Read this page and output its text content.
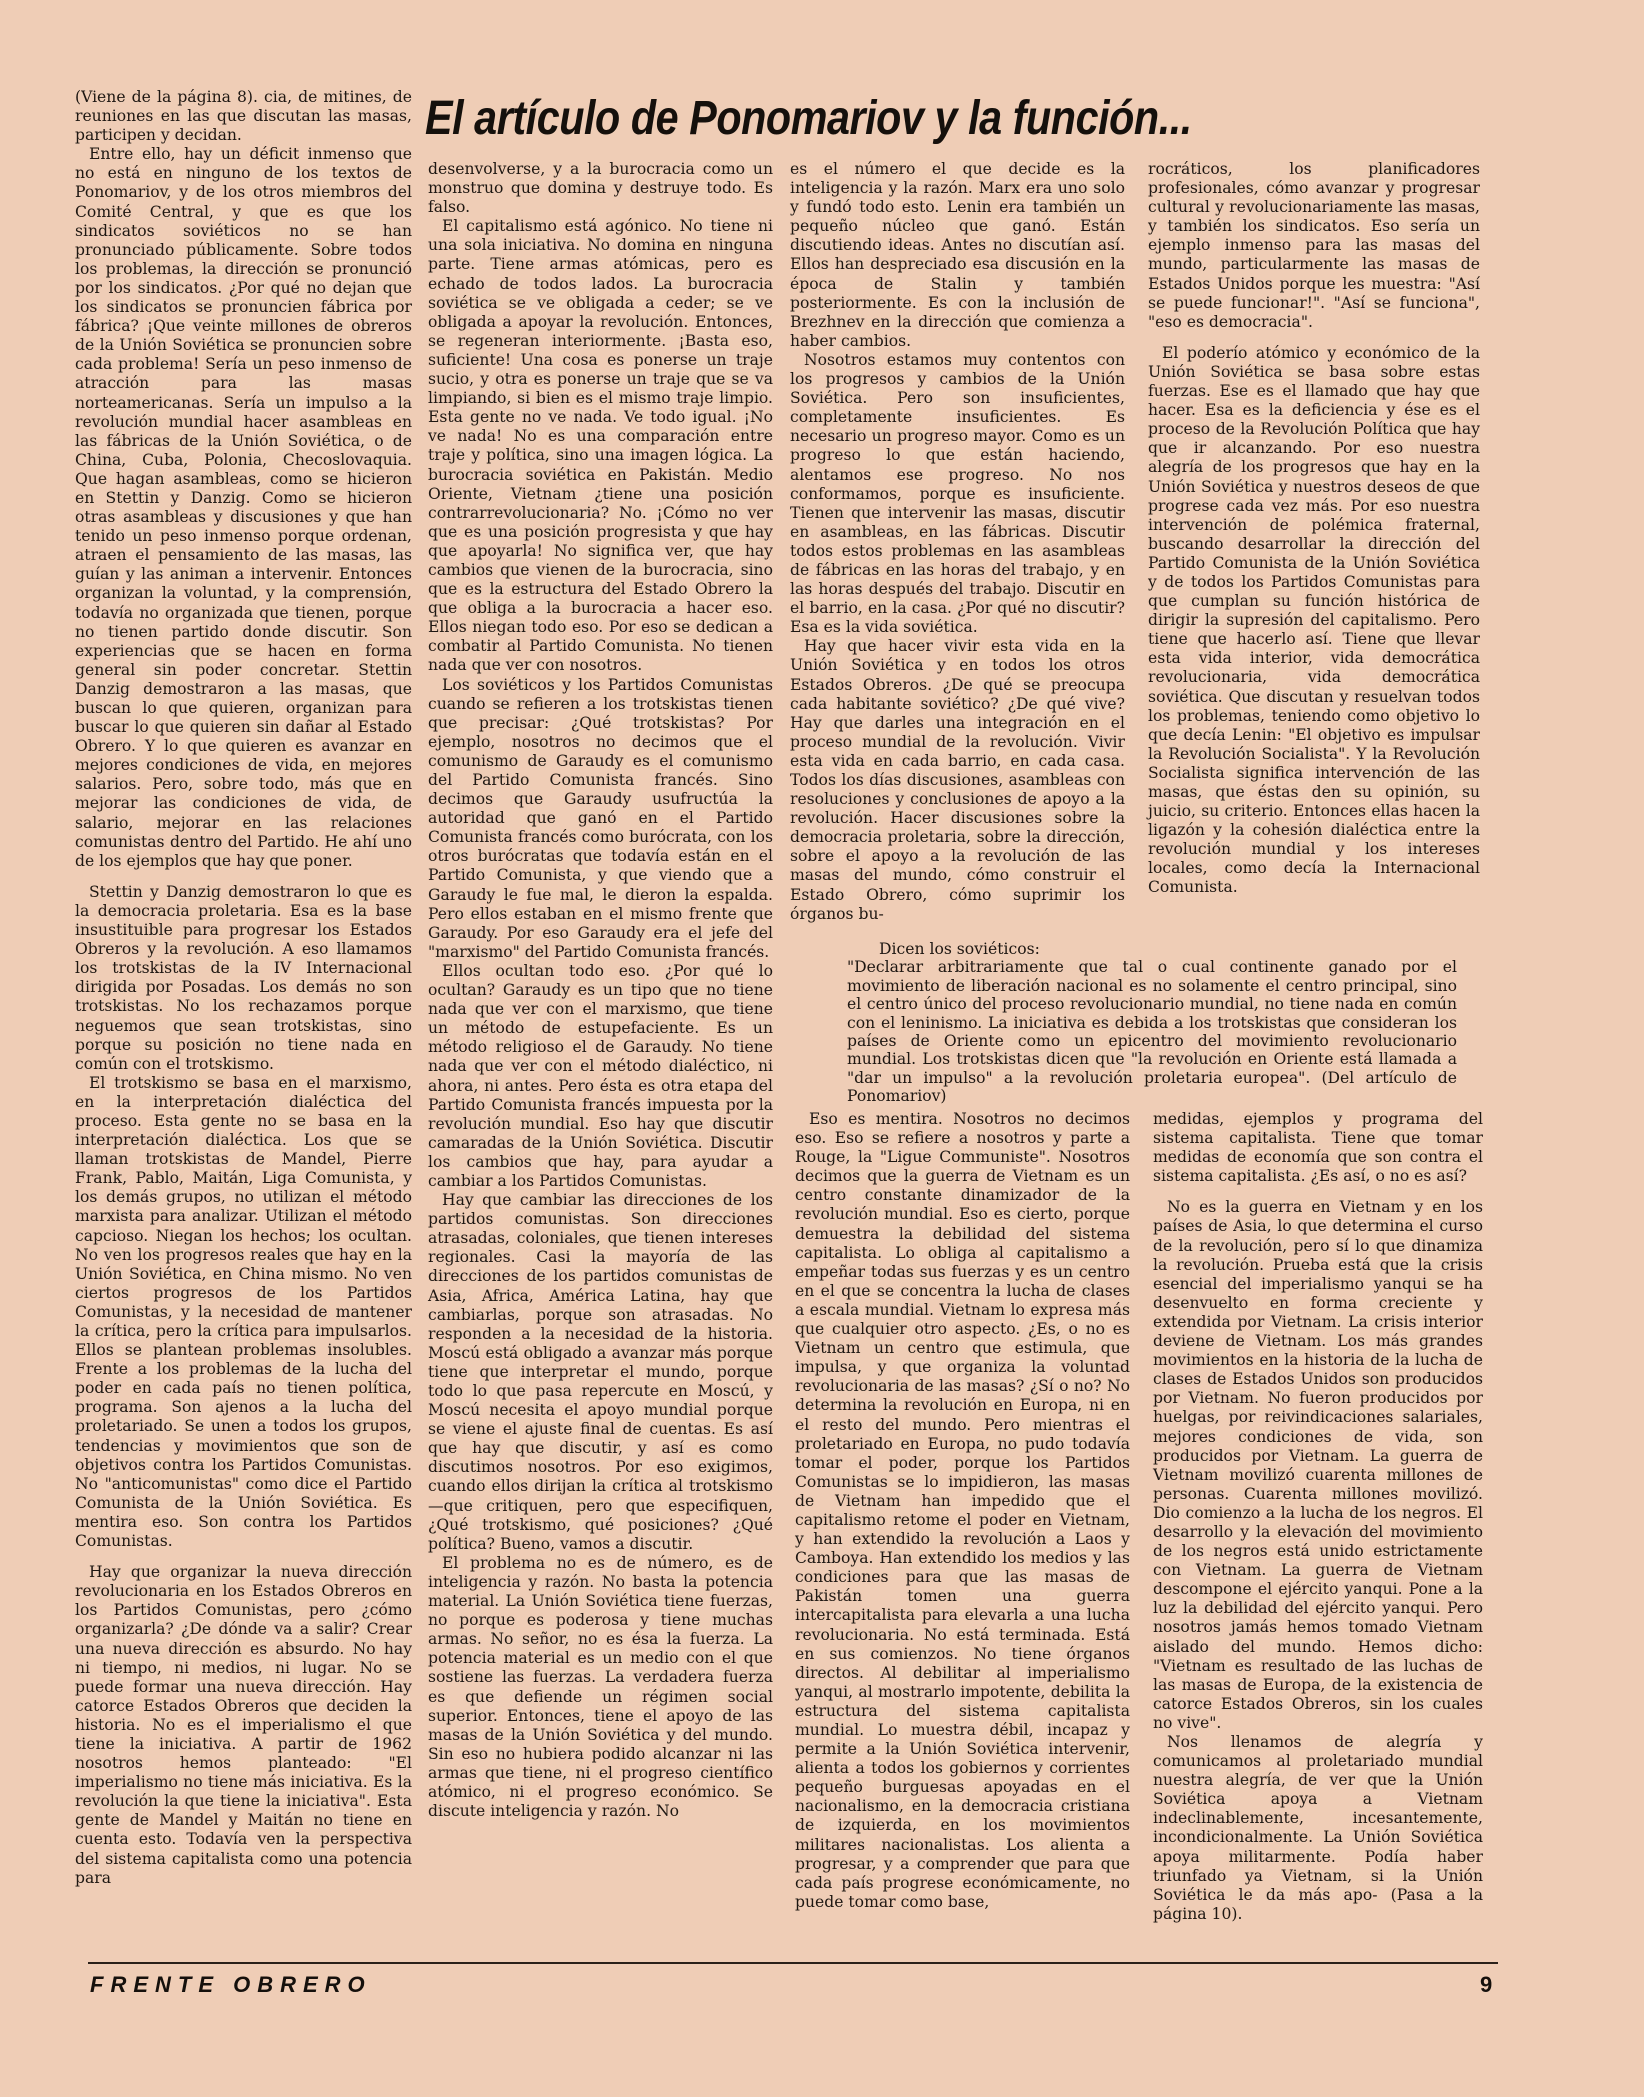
El artículo de Ponomariov y la función...

(Viene de la página 8). cia, de mitines, de reuniones en las que discutan las masas, participen y decidan.

Entre ello, hay un déficit inmenso que no está en ninguno de los textos de Ponomariov, y de los otros miembros del Comité Central, y que es que los sindicatos soviéticos no se han pronunciado públicamente. Sobre todos los problemas, la dirección se pronunció por los sindicatos. ¿Por qué no dejan que los sindicatos se pronuncien fábrica por fábrica? ¡Que veinte millones de obreros de la Unión Soviética se pronuncien sobre cada problema! Sería un peso inmenso de atracción para las masas norteamericanas. Sería un impulso a la revolución mundial hacer asambleas en las fábricas de la Unión Soviética, o de China, Cuba, Polonia, Checoslovaquia. Que hagan asambleas, como se hicieron en Stettin y Danzig. Como se hicieron otras asambleas y discusiones y que han tenido un peso inmenso porque ordenan, atraen el pensamiento de las masas, las guían y las animan a intervenir. Entonces organizan la voluntad, y la comprensión, todavía no organizada que tienen, porque no tienen partido donde discutir. Son experiencias que se hacen en forma general sin poder concretar. Stettin Danzig demostraron a las masas, que buscan lo que quieren, organizan para buscar lo que quieren sin dañar al Estado Obrero. Y lo que quieren es avanzar en mejores condiciones de vida, en mejores salarios. Pero, sobre todo, más que en mejorar las condiciones de vida, de salario, mejorar en las relaciones comunistas dentro del Partido. He ahí uno de los ejemplos que hay que poner.

Stettin y Danzig demostraron lo que es la democracia proletaria. Esa es la base insustituible para progresar los Estados Obreros y la revolución. A eso llamamos los trotskistas de la IV Internacional dirigida por Posadas. Los demás no son trotskistas. No los rechazamos porque neguemos que sean trotskistas, sino porque su posición no tiene nada en común con el trotskismo.

El trotskismo se basa en el marxismo, en la interpretación dialéctica del proceso. Esta gente no se basa en la interpretación dialéctica. Los que se llaman trotskistas de Mandel, Pierre Frank, Pablo, Maitán, Liga Comunista, y los demás grupos, no utilizan el método marxista para analizar. Utilizan el método capcioso. Niegan los hechos; los ocultan. No ven los progresos reales que hay en la Unión Soviética, en China mismo. No ven ciertos progresos de los Partidos Comunistas, y la necesidad de mantener la crítica, pero la crítica para impulsarlos. Ellos se plantean problemas insolubles. Frente a los problemas de la lucha del poder en cada país no tienen política, programa. Son ajenos a la lucha del proletariado. Se unen a todos los grupos, tendencias y movimientos que son de objetivos contra los Partidos Comunistas. No "anticomunistas" como dice el Partido Comunista de la Unión Soviética. Es mentira eso. Son contra los Partidos Comunistas.

Hay que organizar la nueva dirección revolucionaria en los Estados Obreros en los Partidos Comunistas, pero ¿cómo organizarla? ¿De dónde va a salir? Crear una nueva dirección es absurdo. No hay ni tiempo, ni medios, ni lugar. No se puede formar una nueva dirección. Hay catorce Estados Obreros que deciden la historia. No es el imperialismo el que tiene la iniciativa. A partir de 1962 nosotros hemos planteado: "El imperialismo no tiene más iniciativa. Es la revolución la que tiene la iniciativa". Esta gente de Mandel y Maitán no tiene en cuenta esto. Todavía ven la perspectiva del sistema capitalista como una potencia para

desenvolverse, y a la burocracia como un monstruo que domina y destruye todo. Es falso.

El capitalismo está agónico. No tiene ni una sola iniciativa. No domina en ninguna parte. Tiene armas atómicas, pero es echado de todos lados. La burocracia soviética se ve obligada a ceder; se ve obligada a apoyar la revolución. Entonces, se regeneran interiormente. ¡Basta eso, suficiente! Una cosa es ponerse un traje sucio, y otra es ponerse un traje que se va limpiando, si bien es el mismo traje limpio. Esta gente no ve nada. Ve todo igual. ¡No ve nada! No es una comparación entre traje y política, sino una imagen lógica. La burocracia soviética en Pakistán. Medio Oriente, Vietnam ¿tiene una posición contrarrevolucionaria? No. ¡Cómo no ver que es una posición progresista y que hay que apoyarla! No significa ver, que hay cambios que vienen de la burocracia, sino que es la estructura del Estado Obrero la que obliga a la burocracia a hacer eso. Ellos niegan todo eso. Por eso se dedican a combatir al Partido Comunista. No tienen nada que ver con nosotros.

Los soviéticos y los Partidos Comunistas cuando se refieren a los trotskistas tienen que precisar: ¿Qué trotskistas? Por ejemplo, nosotros no decimos que el comunismo de Garaudy es el comunismo del Partido Comunista francés. Sino decimos que Garaudy usufructúa la autoridad que ganó en el Partido Comunista francés como burócrata, con los otros burócratas que todavía están en el Partido Comunista, y que viendo que a Garaudy le fue mal, le dieron la espalda. Pero ellos estaban en el mismo frente que Garaudy. Por eso Garaudy era el jefe del "marxismo" del Partido Comunista francés.

Ellos ocultan todo eso. ¿Por qué lo ocultan? Garaudy es un tipo que no tiene nada que ver con el marxismo, que tiene un método de estupefaciente. Es un método religioso el de Garaudy. No tiene nada que ver con el método dialéctico, ni ahora, ni antes. Pero ésta es otra etapa del Partido Comunista francés impuesta por la revolución mundial. Eso hay que discutir camaradas de la Unión Soviética. Discutir los cambios que hay, para ayudar a cambiar a los Partidos Comunistas.

Hay que cambiar las direcciones de los partidos comunistas. Son direcciones atrasadas, coloniales, que tienen intereses regionales. Casi la mayoría de las direcciones de los partidos comunistas de Asia, Africa, América Latina, hay que cambiarlas, porque son atrasadas. No responden a la necesidad de la historia. Moscú está obligado a avanzar más porque tiene que interpretar el mundo, porque todo lo que pasa repercute en Moscú, y Moscú necesita el apoyo mundial porque se viene el ajuste final de cuentas. Es así que hay que discutir, y así es como discutimos nosotros. Por eso exigimos, cuando ellos dirijan la crítica al trotskismo —que critiquen, pero que especifiquen, ¿Qué trotskismo, qué posiciones? ¿Qué política? Bueno, vamos a discutir.

El problema no es de número, es de inteligencia y razón. No basta la potencia material. La Unión Soviética tiene fuerzas, no porque es poderosa y tiene muchas armas. No señor, no es ésa la fuerza. La potencia material es un medio con el que sostiene las fuerzas. La verdadera fuerza es que defiende un régimen social superior. Entonces, tiene el apoyo de las masas de la Unión Soviética y del mundo. Sin eso no hubiera podido alcanzar ni las armas que tiene, ni el progreso científico atómico, ni el progreso económico. Se discute inteligencia y razón. No

es el número el que decide es la inteligencia y la razón. Marx era uno solo y fundó todo esto. Lenin era también un pequeño núcleo que ganó. Están discutiendo ideas. Antes no discutían así. Ellos han despreciado esa discusión en la época de Stalin y también posteriormente. Es con la inclusión de Brezhnev en la dirección que comienza a haber cambios.

Nosotros estamos muy contentos con los progresos y cambios de la Unión Soviética. Pero son insuficientes, completamente insuficientes. Es necesario un progreso mayor. Como es un progreso lo que están haciendo, alentamos ese progreso. No nos conformamos, porque es insuficiente. Tienen que intervenir las masas, discutir en asambleas, en las fábricas. Discutir todos estos problemas en las asambleas de fábricas en las horas del trabajo, y en las horas después del trabajo. Discutir en el barrio, en la casa. ¿Por qué no discutir? Esa es la vida soviética.

Hay que hacer vivir esta vida en la Unión Soviética y en todos los otros Estados Obreros. ¿De qué se preocupa cada habitante soviético? ¿De qué vive? Hay que darles una integración en el proceso mundial de la revolución. Vivir esta vida en cada barrio, en cada casa. Todos los días discusiones, asambleas con resoluciones y conclusiones de apoyo a la revolución. Hacer discusiones sobre la democracia proletaria, sobre la dirección, sobre el apoyo a la revolución de las masas del mundo, cómo construir el Estado Obrero, cómo suprimir los órganos bu-

rocráticos, los planificadores profesionales, cómo avanzar y progresar cultural y revolucionariamente las masas, y también los sindicatos. Eso sería un ejemplo inmenso para las masas del mundo, particularmente las masas de Estados Unidos porque les muestra: "Así se puede funcionar!". "Así se funciona", "eso es democracia".

El poderío atómico y económico de la Unión Soviética se basa sobre estas fuerzas. Ese es el llamado que hay que hacer. Esa es la deficiencia y ése es el proceso de la Revolución Política que hay que ir alcanzando. Por eso nuestra alegría de los progresos que hay en la Unión Soviética y nuestros deseos de que progrese cada vez más. Por eso nuestra intervención de polémica fraternal, buscando desarrollar la dirección del Partido Comunista de la Unión Soviética y de todos los Partidos Comunistas para que cumplan su función histórica de dirigir la supresión del capitalismo. Pero tiene que hacerlo así. Tiene que llevar esta vida interior, vida democrática revolucionaria, vida democrática soviética. Que discutan y resuelvan todos los problemas, teniendo como objetivo lo que decía Lenin: "El objetivo es impulsar la Revolución Socialista". Y la Revolución Socialista significa intervención de las masas, que éstas den su opinión, su juicio, su criterio. Entonces ellas hacen la ligazón y la cohesión dialéctica entre la revolución mundial y los intereses locales, como decía la Internacional Comunista.

Dicen los soviéticos:
"Declarar arbitrariamente que tal o cual continente ganado por el movimiento de liberación nacional es no solamente el centro principal, sino el centro único del proceso revolucionario mundial, no tiene nada en común con el leninismo. La iniciativa es debida a los trotskistas que consideran los países de Oriente como un epicentro del movimiento revolucionario mundial. Los trotskistas dicen que "la revolución en Oriente está llamada a "dar un impulso" a la revolución proletaria europea". (Del artículo de Ponomariov)

Eso es mentira. Nosotros no decimos eso. Eso se refiere a nosotros y parte a Rouge, la "Ligue Communiste". Nosotros decimos que la guerra de Vietnam es un centro constante dinamizador de la revolución mundial. Eso es cierto, porque demuestra la debilidad del sistema capitalista. Lo obliga al capitalismo a empeñar todas sus fuerzas y es un centro en el que se concentra la lucha de clases a escala mundial. Vietnam lo expresa más que cualquier otro aspecto. ¿Es, o no es Vietnam un centro que estimula, que impulsa, y que organiza la voluntad revolucionaria de las masas? ¿Sí o no? No determina la revolución en Europa, ni en el resto del mundo. Pero mientras el proletariado en Europa, no pudo todavía tomar el poder, porque los Partidos Comunistas se lo impidieron, las masas de Vietnam han impedido que el capitalismo retome el poder en Vietnam, y han extendido la revolución a Laos y Camboya. Han extendido los medios y las condiciones para que las masas de Pakistán tomen una guerra intercapitalista para elevarla a una lucha revolucionaria. No está terminada. Está en sus comienzos. No tiene órganos directos. Al debilitar al imperialismo yanqui, al mostrarlo impotente, debilita la estructura del sistema capitalista mundial. Lo muestra débil, incapaz y permite a la Unión Soviética intervenir, alienta a todos los gobiernos y corrientes pequeño burguesas apoyadas en el nacionalismo, en la democracia cristiana de izquierda, en los movimientos militares nacionalistas. Los alienta a progresar, y a comprender que para que cada país progrese económicamente, no puede tomar como base,

medidas, ejemplos y programa del sistema capitalista. Tiene que tomar medidas de economía que son contra el sistema capitalista. ¿Es así, o no es así?

No es la guerra en Vietnam y en los países de Asia, lo que determina el curso de la revolución, pero sí lo que dinamiza la revolución. Prueba está que la crisis esencial del imperialismo yanqui se ha desenvuelto en forma creciente y extendida por Vietnam. La crisis interior deviene de Vietnam. Los más grandes movimientos en la historia de la lucha de clases de Estados Unidos son producidos por Vietnam. No fueron producidos por huelgas, por reivindicaciones salariales, mejores condiciones de vida, son producidos por Vietnam. La guerra de Vietnam movilizó cuarenta millones de personas. Cuarenta millones movilizó. Dio comienzo a la lucha de los negros. El desarrollo y la elevación del movimiento de los negros está unido estrictamente con Vietnam. La guerra de Vietnam descompone el ejército yanqui. Pone a la luz la debilidad del ejército yanqui. Pero nosotros jamás hemos tomado Vietnam aislado del mundo. Hemos dicho: "Vietnam es resultado de las luchas de las masas de Europa, de la existencia de catorce Estados Obreros, sin los cuales no vive".

Nos llenamos de alegría y comunicamos al proletariado mundial nuestra alegría, de ver que la Unión Soviética apoya a Vietnam indeclinablemente, incesantemente, incondicionalmente. La Unión Soviética apoya militarmente. Podía haber triunfado ya Vietnam, si la Unión Soviética le da más apo- (Pasa a la página 10).

FRENTE OBRERO	9
